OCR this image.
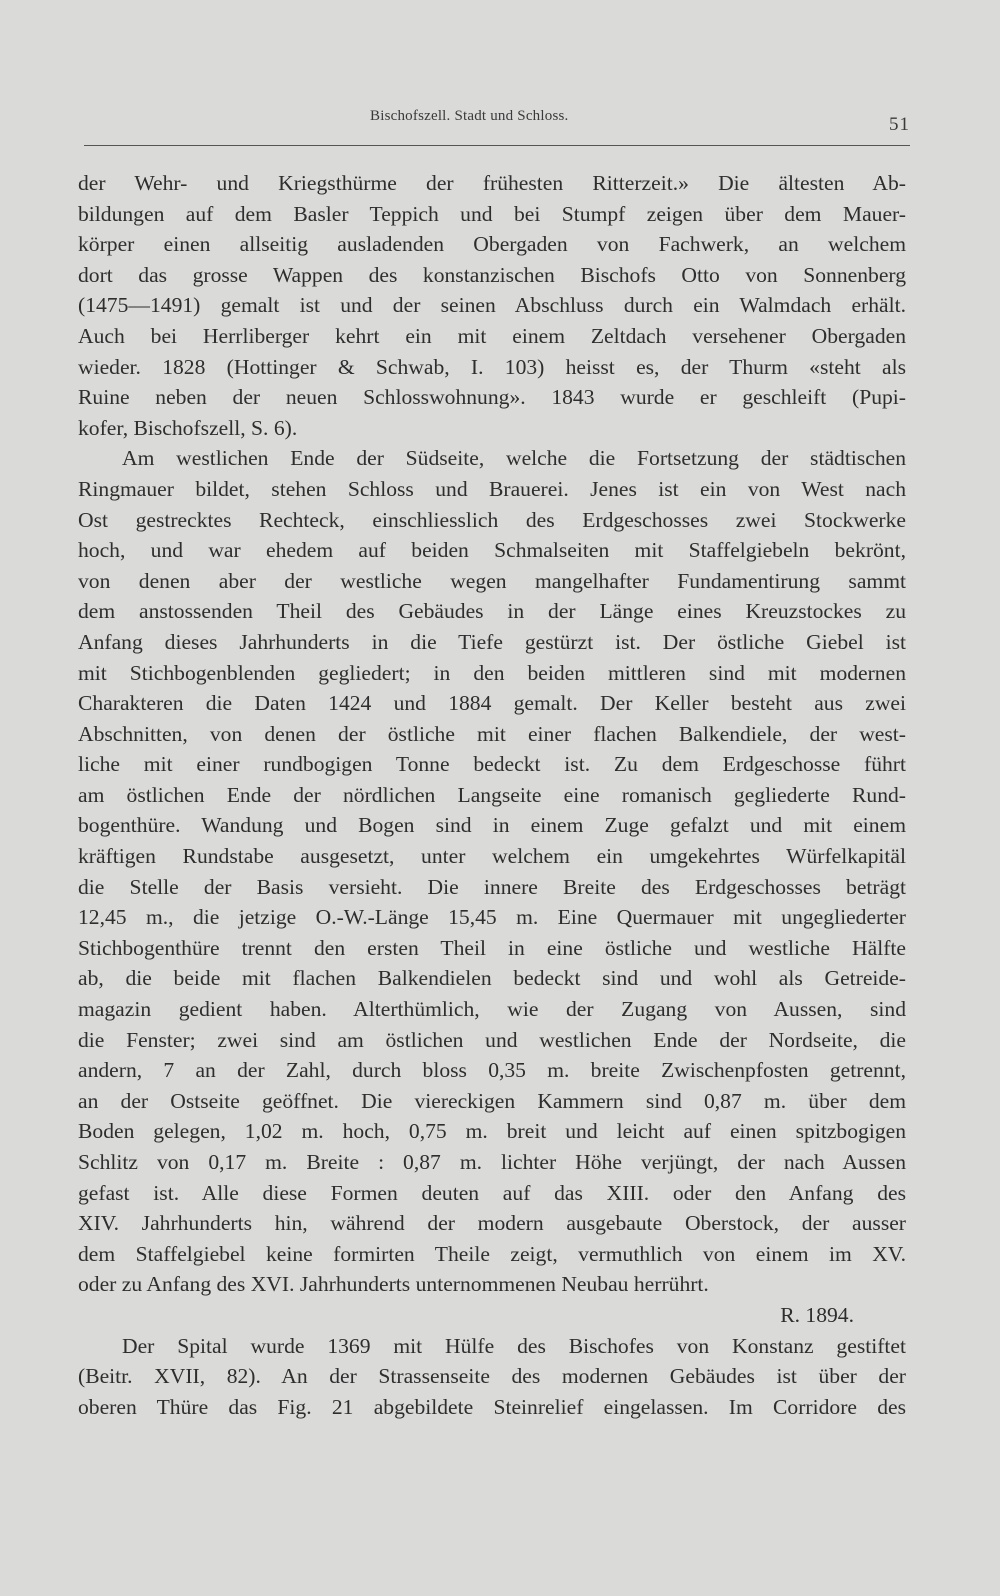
Bischofszell. Stadt und Schloss.	51
der Wehr- und Kriegsthürme der frühesten Ritterzeit.» Die ältesten Ab-
bildungen auf dem Basler Teppich und bei Stumpf zeigen über dem Mauer-
körper einen allseitig ausladenden Obergaden von Fachwerk, an welchem
dort das grosse Wappen des konstanzischen Bischofs Otto von Sonnenberg
(1475—1491) gemalt ist und der seinen Abschluss durch ein Walmdach erhält.
Auch bei Herrliberger kehrt ein mit einem Zeltdach versehener Obergaden
wieder. 1828 (Hottinger & Schwab, I. 103) heisst es, der Thurm «steht als
Ruine neben der neuen Schlosswohnung». 1843 wurde er geschleift (Pupi-
kofer, Bischofszell, S. 6).
Am westlichen Ende der Südseite, welche die Fortsetzung der städtischen
Ringmauer bildet, stehen Schloss und Brauerei. Jenes ist ein von West nach
Ost gestrecktes Rechteck, einschliesslich des Erdgeschosses zwei Stockwerke
hoch, und war ehedem auf beiden Schmalseiten mit Staffelgiebeln bekrönt,
von denen aber der westliche wegen mangelhafter Fundamentirung sammt
dem anstossenden Theil des Gebäudes in der Länge eines Kreuzstockes zu
Anfang dieses Jahrhunderts in die Tiefe gestürzt ist. Der östliche Giebel ist
mit Stichbogenblenden gegliedert; in den beiden mittleren sind mit modernen
Charakteren die Daten 1424 und 1884 gemalt. Der Keller besteht aus zwei
Abschnitten, von denen der östliche mit einer flachen Balkendiele, der west-
liche mit einer rundbogigen Tonne bedeckt ist. Zu dem Erdgeschosse führt
am östlichen Ende der nördlichen Langseite eine romanisch gegliederte Rund-
bogenthüre. Wandung und Bogen sind in einem Zuge gefalzt und mit einem
kräftigen Rundstabe ausgesetzt, unter welchem ein umgekehrtes Würfelkapitäl
die Stelle der Basis versieht. Die innere Breite des Erdgeschosses beträgt
12,45 m., die jetzige O.-W.-Länge 15,45 m. Eine Quermauer mit ungegliederter
Stichbogenthüre trennt den ersten Theil in eine östliche und westliche Hälfte
ab, die beide mit flachen Balkendielen bedeckt sind und wohl als Getreide-
magazin gedient haben. Alterthümlich, wie der Zugang von Aussen, sind
die Fenster; zwei sind am östlichen und westlichen Ende der Nordseite, die
andern, 7 an der Zahl, durch bloss 0,35 m. breite Zwischenpfosten getrennt,
an der Ostseite geöffnet. Die viereckigen Kammern sind 0,87 m. über dem
Boden gelegen, 1,02 m. hoch, 0,75 m. breit und leicht auf einen spitzbogigen
Schlitz von 0,17 m. Breite : 0,87 m. lichter Höhe verjüngt, der nach Aussen
gefast ist. Alle diese Formen deuten auf das XIII. oder den Anfang des
XIV. Jahrhunderts hin, während der modern ausgebaute Oberstock, der ausser
dem Staffelgiebel keine formirten Theile zeigt, vermuthlich von einem im XV.
oder zu Anfang des XVI. Jahrhunderts unternommenen Neubau herrührt.
R. 1894.
Der Spital wurde 1369 mit Hülfe des Bischofes von Konstanz gestiftet
(Beitr. XVII, 82). An der Strassenseite des modernen Gebäudes ist über der
oberen Thüre das Fig. 21 abgebildete Steinrelief eingelassen. Im Corridore des
